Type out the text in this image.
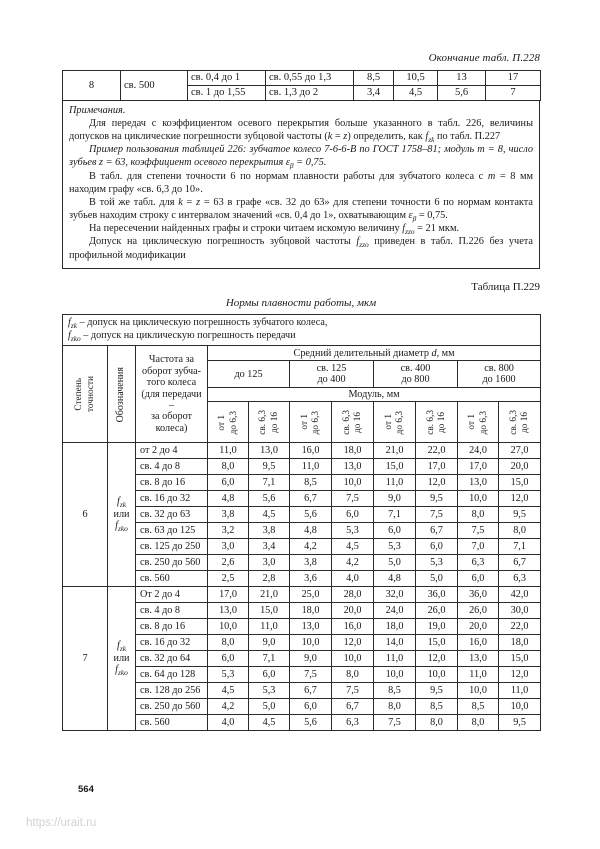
Окончание табл. П.228
8	св. 500	св. 0,4 до 1	св. 0,55 до 1,3	8,5	10,5	13	17
		св. 1 до 1,55	св. 1,3 до 2	3,4	4,5	5,6	7

Примечания.

Для передач с коэффициентом осевого перекрытия больше указанного в табл. 226, величины допусков на циклические погрешности зубцовой частоты (k = z) определить, как $f_{zk}$ по табл. П.227

Пример пользования таблицей 226: зубчатое колесо 7-6-6-В по ГОСТ 1758–81; модуль m = 8, число зубьев z = 63, коэффициент осевого перекрытия $\varepsilon_\beta = 0,75$.

В табл. для степени точности 6 по нормам плавности работы для зубчатого колеса с m = 8 мм находим графу «св. 6,3 до 10».

В той же табл. для k = z = 63 в графе «св. 32 до 63» для степени точности 6 по нормам контакта зубьев находим строку с интервалом значений «св. 0,4 до 1», охватывающим $\varepsilon_\beta = 0,75$.

На пересечении найденных графы и строки читаем искомую величину $f_{zzo} = 21$ мкм.

Допуск на циклическую погрешность зубцовой частоты $f_{zzo}$ приведен в табл. П.226 без учета профильной модификации

Таблица П.229
Нормы плавности работы, мкм
$f_{zk}$ – допуск на циклическую погрешность зубчатого колеса,
$f_{zko}$ – допуск на циклическую погрешность передачи										

Степень точности	Обозначения

Частота за
оборот зубча-
того колеса
(для передачи –
за оборот
колеса)
	Средний делительный диаметр d, мм

до 125

св. 125
до 400

св. 400
до 800

св. 800
до 1600

			Модуль, мм							

			от 1 до 6,3	св. 6,3 до 16	от 1 до 6,3	св. 6,3 до 16	от 1 до 6,3	св. 6,3 до 16	от 1 до 6,3	св. 6,3 до 16

6	$f_{zk}$
или
$f_{zko}$	от 2 до 4	11,0	13,0	16,0	18,0	21,0	22,0	24,0	27,0
		св. 4 до 8	8,0	9,5	11,0	13,0	15,0	17,0	17,0	20,0
		св. 8 до 16	6,0	7,1	8,5	10,0	11,0	12,0	13,0	15,0
		св. 16 до 32	4,8	5,6	6,7	7,5	9,0	9,5	10,0	12,0
		св. 32 до 63	3,8	4,5	5,6	6,0	7,1	7,5	8,0	9,5
		св. 63 до 125	3,2	3,8	4,8	5,3	6,0	6,7	7,5	8,0
		св. 125 до 250	3,0	3,4	4,2	4,5	5,3	6,0	7,0	7,1
		св. 250 до 560	2,6	3,0	3,8	4,2	5,0	5,3	6,3	6,7
		св. 560	2,5	2,8	3,6	4,0	4,8	5,0	6,0	6,3
7	$f_{zk}$
или
$f_{zko}$	От 2 до 4	17,0	21,0	25,0	28,0	32,0	36,0	36,0	42,0
		св. 4 до 8	13,0	15,0	18,0	20,0	24,0	26,0	26,0	30,0
		св. 8 до 16	10,0	11,0	13,0	16,0	18,0	19,0	20,0	22,0
		св. 16 до 32	8,0	9,0	10,0	12,0	14,0	15,0	16,0	18,0
		св. 32 до 64	6,0	7,1	9,0	10,0	11,0	12,0	13,0	15,0
		св. 64 до 128	5,3	6,0	7,5	8,0	10,0	10,0	11,0	12,0
		св. 128 до 256	4,5	5,3	6,7	7,5	8,5	9,5	10,0	11,0
		св. 250 до 560	4,2	5,0	6,0	6,7	8,0	8,5	8,5	10,0
		св. 560	4,0	4,5	5,6	6,3	7,5	8,0	8,0	9,5
564
https://urait.ru
